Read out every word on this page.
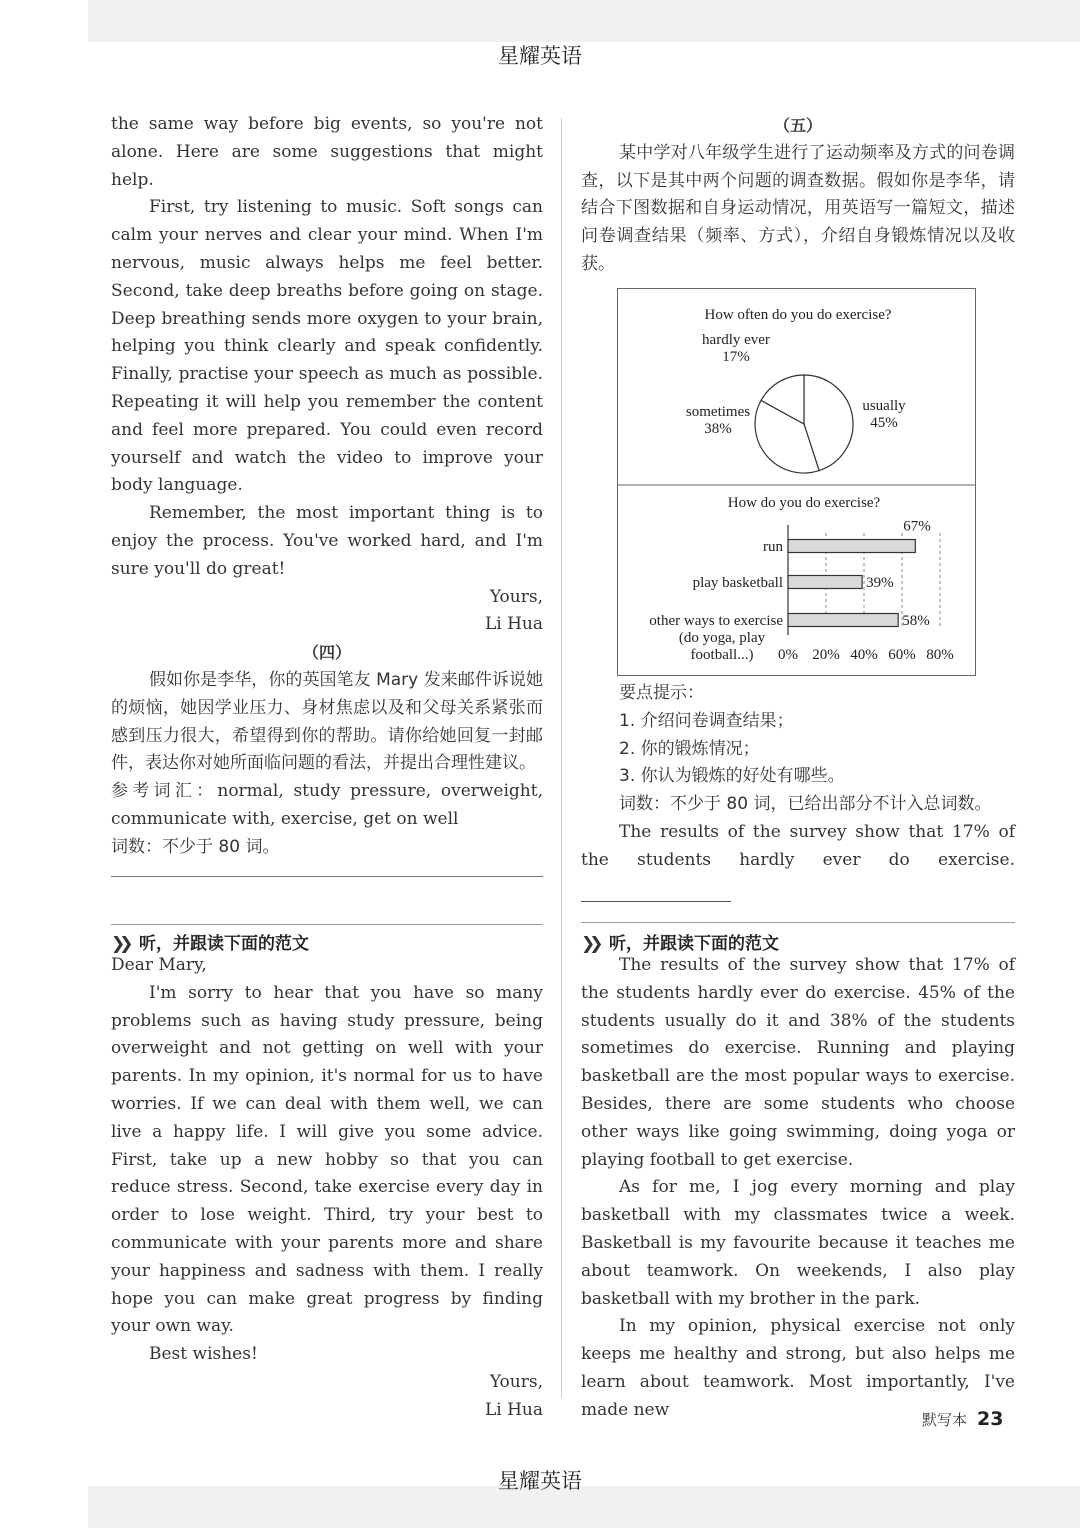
星耀英语
星耀英语

the same way before big events, so you're not alone. Here are some suggestions that might help.

First, try listening to music. Soft songs can calm your nerves and clear your mind. When I'm nervous, music always helps me feel better. Second, take deep breaths before going on stage. Deep breathing sends more oxygen to your brain, helping you think clearly and speak confidently. Finally, practise your speech as much as possible. Repeating it will help you remember the content and feel more prepared. You could even record yourself and watch the video to improve your body language.

Remember, the most important thing is to enjoy the process. You've worked hard, and I'm sure you'll do great!

Yours,

Li Hua

（四）

假如你是李华，你的英国笔友 Mary 发来邮件诉说她的烦恼，她因学业压力、身材焦虑以及和父母关系紧张而感到压力很大，希望得到你的帮助。请你给她回复一封邮件，表达你对她所面临问题的看法，并提出合理性建议。

参考词汇：normal, study pressure, overweight, communicate with, exercise, get on well

词数：不少于 80 词。

❯❯ 听，并跟读下面的范文

Dear Mary,

I'm sorry to hear that you have so many problems such as having study pressure, being overweight and not getting on well with your parents. In my opinion, it's normal for us to have worries. If we can deal with them well, we can live a happy life. I will give you some advice. First, take up a new hobby so that you can reduce stress. Second, take exercise every day in order to lose weight. Third, try your best to communicate with your parents more and share your happiness and sadness with them. I really hope you can make great progress by finding your own way.

Best wishes!

Yours,

Li Hua

（五）

某中学对八年级学生进行了运动频率及方式的问卷调查，以下是其中两个问题的调查数据。假如你是李华，请结合下图数据和自身运动情况，用英语写一篇短文，描述问卷调查结果（频率、方式），介绍自身锻炼情况以及收获。

How often do you do exercise?
usually
45%
sometimes
38%
hardly ever
17%
How do you do exercise?
0% 20% 40% 60% 80%
67%
run
39%
play basketball
58%
other ways to exercise
(do yoga, play
football...)

要点提示：

1. 介绍问卷调查结果；

2. 你的锻炼情况；

3. 你认为锻炼的好处有哪些。

词数：不少于 80 词，已给出部分不计入总词数。

The results of the survey show that 17% of the students hardly ever do exercise.

❯❯ 听，并跟读下面的范文

The results of the survey show that 17% of the students hardly ever do exercise. 45% of the students usually do it and 38% of the students sometimes do exercise. Running and playing basketball are the most popular ways to exercise. Besides, there are some students who choose other ways like going swimming, doing yoga or playing football to get exercise.

As for me, I jog every morning and play basketball with my classmates twice a week. Basketball is my favourite because it teaches me about teamwork. On weekends, I also play basketball with my brother in the park.

In my opinion, physical exercise not only keeps me healthy and strong, but also helps me learn about teamwork. Most importantly, I've made new

默写本 23
